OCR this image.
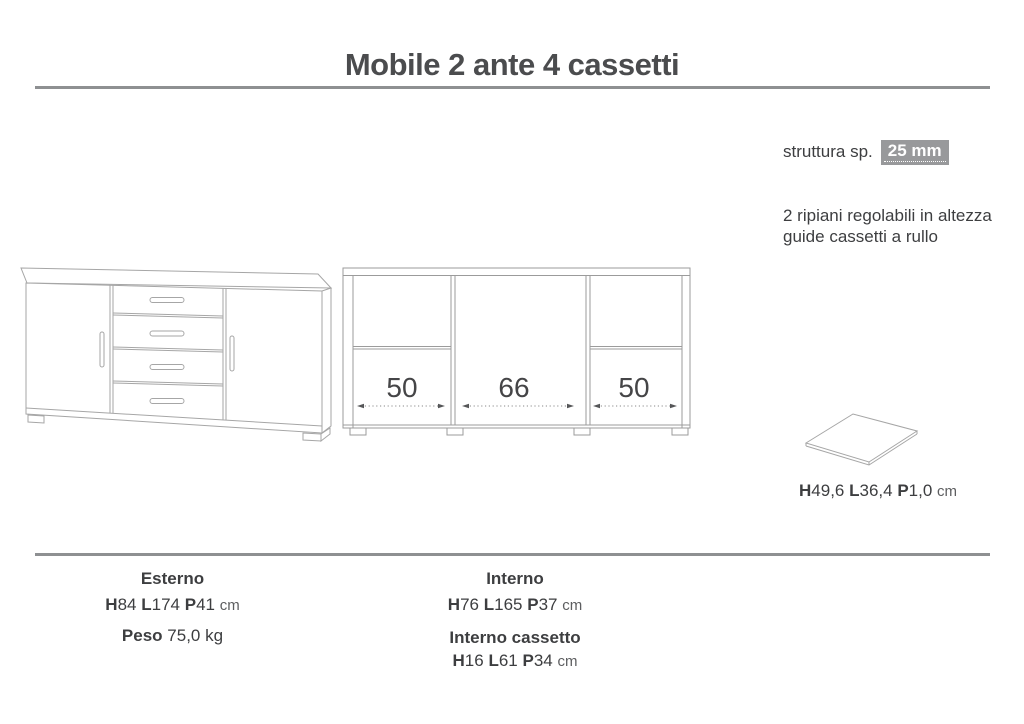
Mobile 2 ante 4 cassetti
struttura sp. 25 mm
2 ripiani regolabili in altezza
guide cassetti a rullo
50	66	50
H49,6 L36,4 P1,0 cm
Esterno
H84 L174 P41 cm
Peso 75,0 kg
Interno
H76 L165 P37 cm
Interno cassetto
H16 L61 P34 cm
